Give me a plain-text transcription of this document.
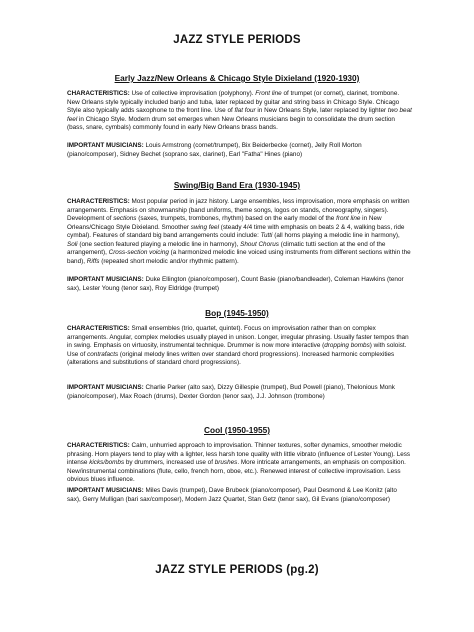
JAZZ STYLE PERIODS
Early Jazz/New Orleans & Chicago Style Dixieland (1920-1930)
CHARACTERISTICS: Use of collective improvisation (polyphony). Front line of trumpet (or cornet), clarinet, trombone. New Orleans style typically included banjo and tuba, later replaced by guitar and string bass in Chicago Style. Chicago Style also typically adds saxophone to the front line. Use of flat four in New Orleans Style, later replaced by lighter two beat feel in Chicago Style. Modern drum set emerges when New Orleans musicians begin to consolidate the drum section (bass, snare, cymbals) commonly found in early New Orleans brass bands.
IMPORTANT MUSICIANS: Louis Armstrong (cornet/trumpet), Bix Beiderbecke (cornet), Jelly Roll Morton (piano/composer), Sidney Bechet (soprano sax, clarinet), Earl "Fatha" Hines (piano)
Swing/Big Band Era (1930-1945)
CHARACTERISTICS: Most popular period in jazz history. Large ensembles, less improvisation, more emphasis on written arrangements. Emphasis on showmanship (band uniforms, theme songs, logos on stands, choreography, singers). Development of sections (saxes, trumpets, trombones, rhythm) based on the early model of the front line in New Orleans/Chicago Style Dixieland. Smoother swing feel (steady 4/4 time with emphasis on beats 2 & 4, walking bass, ride cymbal). Features of standard big band arrangements could include: Tutti (all horns playing a melodic line in harmony), Soli (one section featured playing a melodic line in harmony), Shout Chorus (climatic tutti section at the end of the arrangement), Cross-section voicing (a harmonized melodic line voiced using instruments from different sections within the band), Riffs (repeated short melodic and/or rhythmic pattern).
IMPORTANT MUSICIANS: Duke Ellington (piano/composer), Count Basie (piano/bandleader), Coleman Hawkins (tenor sax), Lester Young (tenor sax), Roy Eldridge (trumpet)
Bop (1945-1950)
CHARACTERISTICS: Small ensembles (trio, quartet, quintet). Focus on improvisation rather than on complex arrangements. Angular, complex melodies usually played in unison. Longer, irregular phrasing. Usually faster tempos than in swing. Emphasis on virtuosity, instrumental technique. Drummer is now more interactive (dropping bombs) with soloist. Use of contrafacts (original melody lines written over standard chord progressions). Increased harmonic complexities (alterations and substitutions of standard chord progressions).
IMPORTANT MUSICIANS: Charlie Parker (alto sax), Dizzy Gillespie (trumpet), Bud Powell (piano), Thelonious Monk (piano/composer), Max Roach (drums), Dexter Gordon (tenor sax), J.J. Johnson (trombone)
Cool (1950-1955)
CHARACTERISTICS: Calm, unhurried approach to improvisation. Thinner textures, softer dynamics, smoother melodic phrasing. Horn players tend to play with a lighter, less harsh tone quality with little vibrato (influence of Lester Young). Less intense kicks/bombs by drummers, increased use of brushes. More intricate arrangements, an emphasis on composition. New/instrumental combinations (flute, cello, french horn, oboe, etc.). Renewed interest of collective improvisation. Less obvious blues influence.
IMPORTANT MUSICIANS: Miles Davis (trumpet), Dave Brubeck (piano/composer), Paul Desmond & Lee Konitz (alto sax), Gerry Mulligan (bari sax/composer), Modern Jazz Quartet, Stan Getz (tenor sax), Gil Evans (piano/composer)
JAZZ STYLE PERIODS (pg.2)
